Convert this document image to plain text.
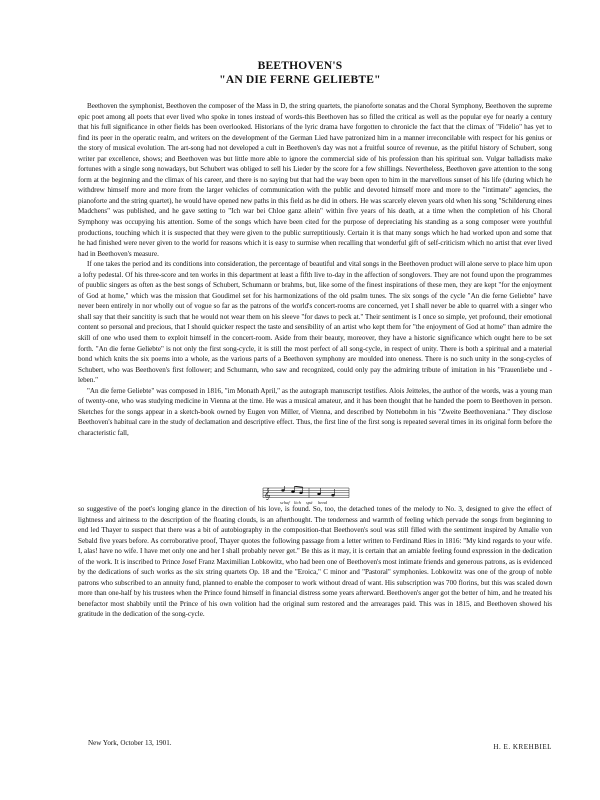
BEETHOVEN'S
"AN DIE FERNE GELIEBTE"

Beethoven the symphonist, Beethoven the composer of the Mass in D, the string quartets, the pianoforte sonatas and the Choral Symphony, Beethoven the supreme epic poet among all poets that ever lived who spoke in tones instead of words-this Beethoven has so filled the critical as well as the popular eye for nearly a century that his full significance in other fields has been overlooked. Historians of the lyric drama have forgotten to chronicle the fact that the climax of "Fidelio" has yet to find its peer in the operatic realm, and writers on the development of the German Lied have patronized him in a manner irreconcilable with respect for his genius or the story of musical evolution. The art-song had not developed a cult in Beethoven's day was not a fruitful source of revenue, as the pitiful history of Schubert, song writer par excellence, shows; and Beethoven was but little more able to ignore the commercial side of his profession than his spiritual son. Vulgar balladists make fortunes with a single song nowadays, but Schubert was obliged to sell his Lieder by the score for a few shillings. Nevertheless, Beethoven gave attention to the song form at the beginning and the climax of his career, and there is no saying but that had the way been open to him in the marvellous sunset of his life (during which he withdrew himself more and more from the larger vehicles of communication with the public and devoted himself more and more to the "intimate" agencies, the pianoforte and the string quartet), he would have opened new paths in this field as he did in others. He was scarcely eleven years old when his song "Schilderung eines Madchens" was published, and he gave setting to "Ich war bei Chloe ganz allein" within five years of his death, at a time when the completion of his Choral Symphony was occupying his attention. Some of the songs which have been cited for the purpose of depreciating his standing as a song composer were youthful productions, touching which it is suspected that they were given to the public surreptitiously. Certain it is that many songs which he had worked upon and some that he had finished were never given to the world for reasons which it is easy to surmise when recalling that wonderful gift of self-criticism which no artist that ever lived had in Beethoven's measure.

If one takes the period and its conditions into consideration, the percentage of beautiful and vital songs in the Beethoven product will alone serve to place him upon a lofty pedestal. Of his three-score and ten works in this department at least a fifth live to-day in the affection of songlovers. They are not found upon the programmes of puublic singers as often as the best songs of Schubert, Schumann or brahms, but, like some of the finest inspirations of these men, they are kept "for the enjoyment of God at home," which was the mission that Goudimel set for his harmonizations of the old psalm tunes. The six songs of the cycle "An die ferne Geliebte" have never been entirely in nor wholly out of vogue so far as the patrons of the world's concert-rooms are concerned, yet I shall never be able to quarrel with a singer who shall say that their sancitity is such that he would not wear them on his sleeve "for daws to peck at." Their sentiment is I once so simple, yet profound, their emotional content so personal and precious, that I should quicker respect the taste and sensibility of an artist who kept them for "the enjoyment of God at home" than admire the skill of one who used them to exploit himself in the concert-room. Aside from their beauty, moreover, they have a historic significance which ought here to be set forth. "An die ferne Geliebte" is not only the first song-cycle, it is still the most perfect of all song-cycle, in respect of unity. There is both a spiritual and a material bond which knits the six poems into a whole, as the various parts of a Beethoven symphony are moulded into oneness. There is no such unity in the song-cycles of Schubert, who was Beethoven's first follower; and Schumann, who saw and recognized, could only pay the admiring tribute of imitation in his "Frauenliebe und -leben."

"An die ferne Geliebte" was composed in 1816, "im Monath April," as the autograph manuscript testifies. Alois Jeitteles, the author of the words, was a young man of twenty-one, who was studying medicine in Vienna at the time. He was a musical amateur, and it has been thought that he handed the poem to Beethoven in person. Sketches for the songs appear in a sketch-book owned by Eugen von Miller, of Vienna, and described by Nottebohm in his "Zweite Beethoveniana." They disclose Beethoven's habitual care in the study of declamation and descriptive effect. Thus, the first line of the first song is repeated several times in its original form before the characteristic fall,

𝄞
schaf lich spä hend

so suggestive of the poet's longing glance in the direction of his love, is found. So, too, the detached tones of the melody to No. 3, designed to give the effect of lightness and airiness to the description of the floating clouds, is an afterthought. The tenderness and warmth of feeling which pervade the songs from beginning to end led Thayer to suspect that there was a bit of autobiography in the composition-that Beethoven's soul was still filled with the sentiment inspired by Amalie von Sebald five years before. As corroborative proof, Thayer quotes the following passage from a letter written to Ferdinand Ries in 1816: "My kind regards to your wife. I, alas! have no wife. I have met only one and her I shall probably never get." Be this as it may, it is certain that an amiable feeling found expression in the dedication of the work. It is inscribed to Prince Josef Franz Maximilian Lobkowitz, who had been one of Beethoven's most intimate friends and generous patrons, as is evidenced by the dedications of such works as the six string quartets Op. 18 and the "Eroica," C minor and "Pastoral" symphonies. Lobkowitz was one of the group of noble patrons who subscribed to an annuity fund, planned to enable the composer to work without dread of want. His subscription was 700 florins, but this was scaled down more than one-half by his trustees when the Prince found himself in financial distress some years afterward. Beethoven's anger got the better of him, and he treated his benefactor most shabbily until the Prince of his own volition had the original sum restored and the arrearages paid. This was in 1815, and Beethoven showed his gratitude in the dedication of the song-cycle.

New York, October 13, 1901.	H. E. KREHBIEL
